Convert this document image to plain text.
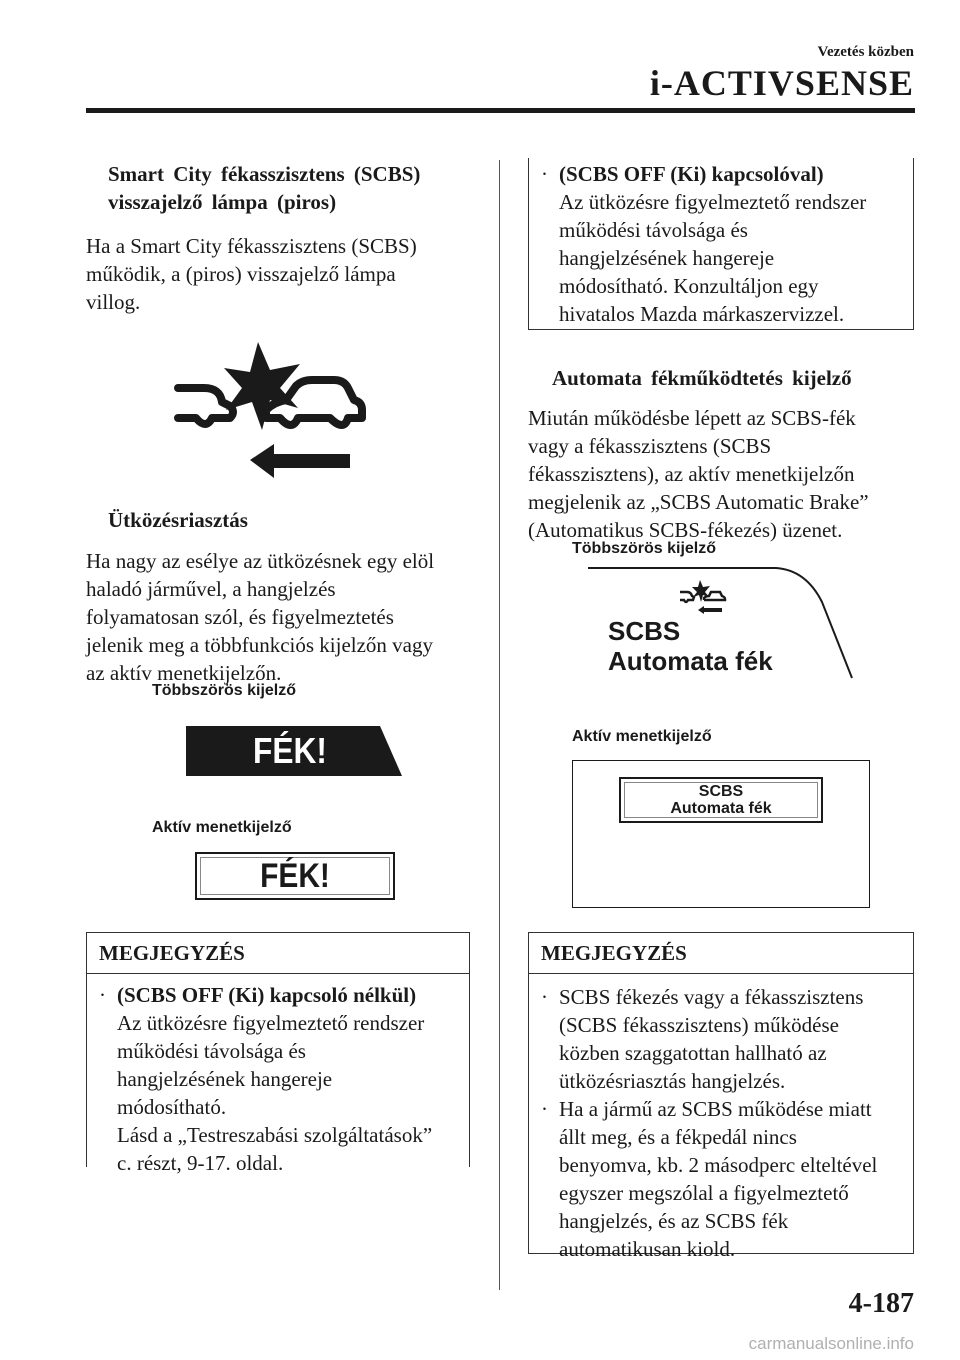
Vezetés közben
i-ACTIVSENSE
Smart City fékasszisztens (SCBS)
visszajelző lámpa (piros)
Ha a Smart City fékasszisztens (SCBS)
működik, a (piros) visszajelző lámpa
villog.
Ütközésriasztás
Ha nagy az esélye az ütközésnek egy elöl
haladó járművel, a hangjelzés
folyamatosan szól, és figyelmeztetés
jelenik meg a többfunkciós kijelzőn vagy
az aktív menetkijelzőn.
Többszörös kijelző
FÉK!
Aktív menetkijelző
FÉK!
MEGJEGYZÉS
· (SCBS OFF (Ki) kapcsoló nélkül)
Az ütközésre figyelmeztető rendszer
működési távolsága és
hangjelzésének hangereje
módosítható.
Lásd a „Testreszabási szolgáltatások”
c. részt, 9-17. oldal.
· (SCBS OFF (Ki) kapcsolóval)
Az ütközésre figyelmeztető rendszer
működési távolsága és
hangjelzésének hangereje
módosítható. Konzultáljon egy
hivatalos Mazda márkaszervizzel.
Automata fékműködtetés kijelző
Miután működésbe lépett az SCBS-fék
vagy a fékasszisztens (SCBS
fékasszisztens), az aktív menetkijelzőn
megjelenik az „SCBS Automatic Brake”
(Automatikus SCBS-fékezés) üzenet.
Többszörös kijelző
SCBS
Automata fék
Aktív menetkijelző
SCBS
Automata fék
MEGJEGYZÉS
· SCBS fékezés vagy a fékasszisztens
(SCBS fékasszisztens) működése
közben szaggatottan hallható az
ütközésriasztás hangjelzés.
· Ha a jármű az SCBS működése miatt
állt meg, és a fékpedál nincs
benyomva, kb. 2 másodperc elteltével
egyszer megszólal a figyelmeztető
hangjelzés, és az SCBS fék
automatikusan kiold.
4-187
carmanualsonline.info
